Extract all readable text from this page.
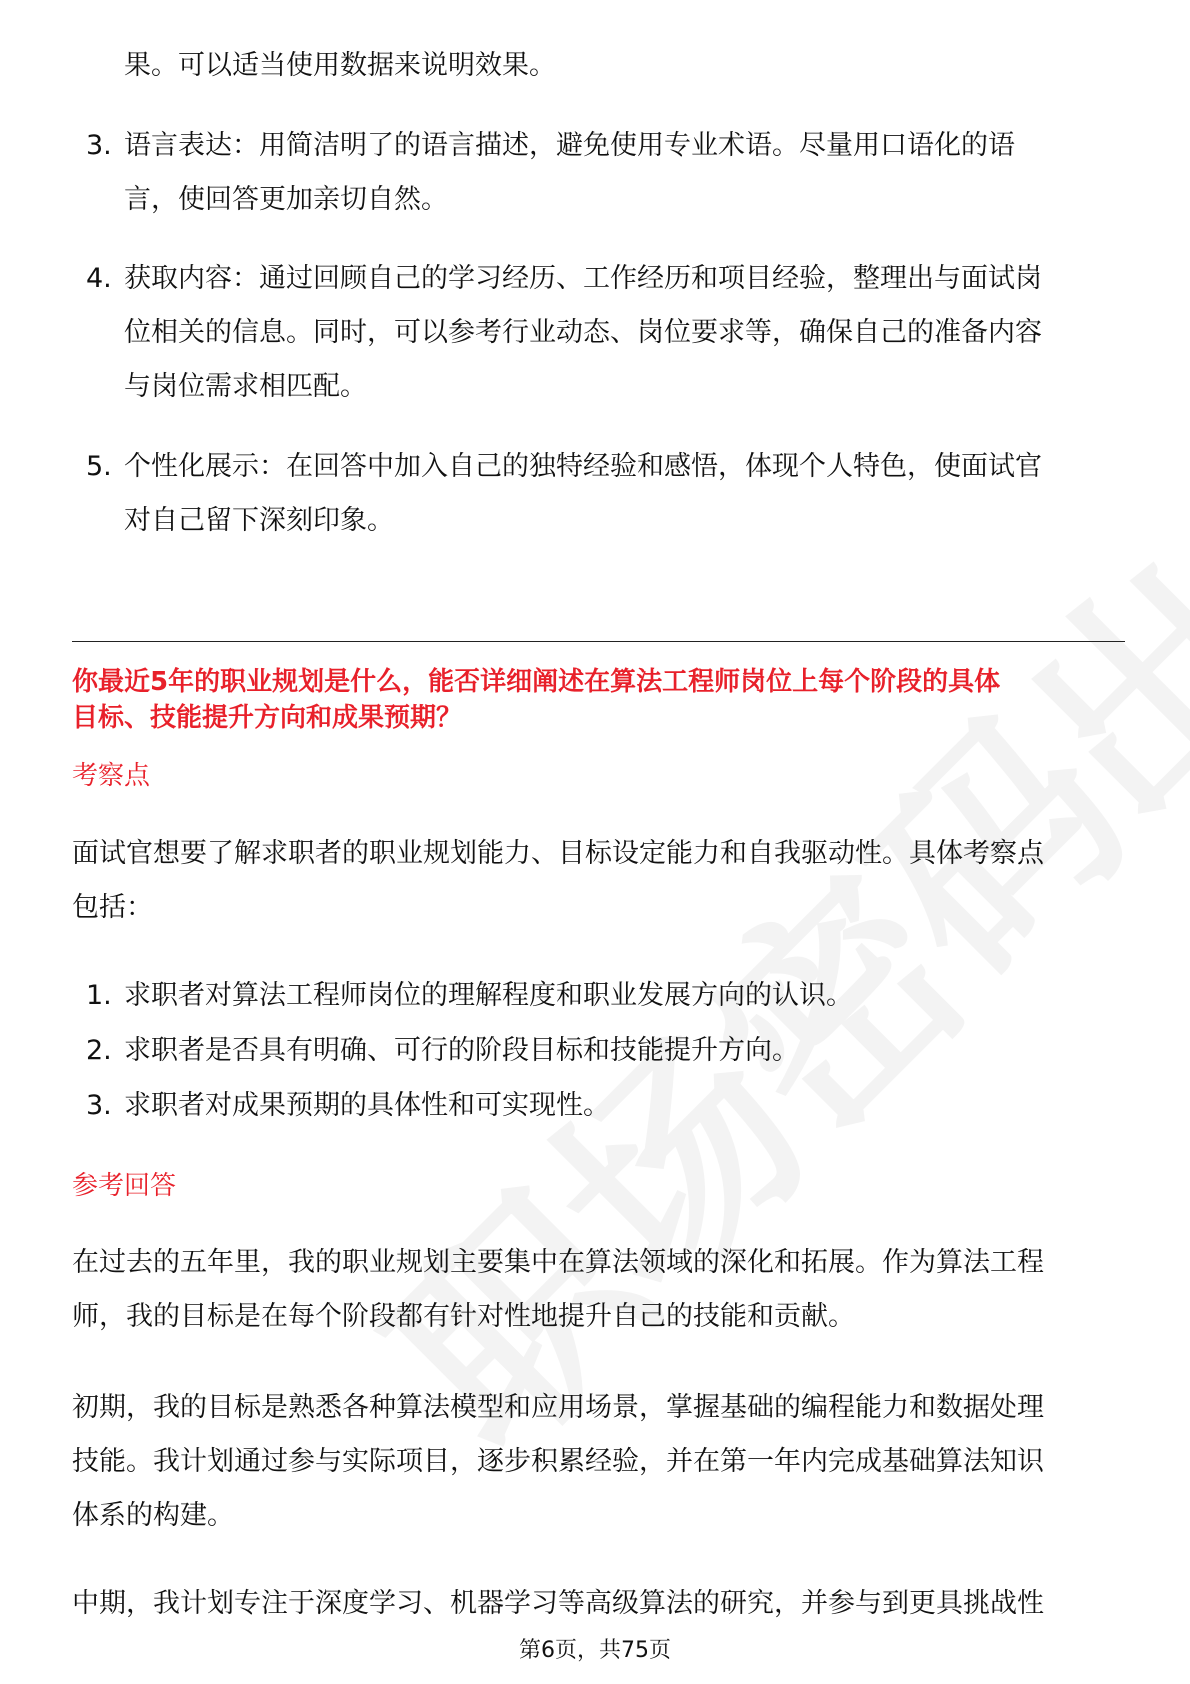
果。可以适当使用数据来说明效果。

3. 语言表达：用简洁明了的语言描述，避免使用专业术语。尽量用口语化的语

言，使回答更加亲切自然。

4. 获取内容：通过回顾自己的学习经历、工作经历和项目经验，整理出与面试岗

位相关的信息。同时，可以参考行业动态、岗位要求等，确保自己的准备内容

与岗位需求相匹配。

5. 个性化展示：在回答中加入自己的独特经验和感悟，体现个人特色，使面试官

对自己留下深刻印象。

你最近5年的职业规划是什么，能否详细阐述在算法工程师岗位上每个阶段的具体

目标、技能提升方向和成果预期？

考察点

面试官想要了解求职者的职业规划能力、目标设定能力和自我驱动性。具体考察点

包括：

1. 求职者对算法工程师岗位的理解程度和职业发展方向的认识。

2. 求职者是否具有明确、可行的阶段目标和技能提升方向。

3. 求职者对成果预期的具体性和可实现性。

参考回答

在过去的五年里，我的职业规划主要集中在算法领域的深化和拓展。作为算法工程

师，我的目标是在每个阶段都有针对性地提升自己的技能和贡献。

初期，我的目标是熟悉各种算法模型和应用场景，掌握基础的编程能力和数据处理

技能。我计划通过参与实际项目，逐步积累经验，并在第一年内完成基础算法知识

体系的构建。

中期，我计划专注于深度学习、机器学习等高级算法的研究，并参与到更具挑战性

第6页，共75页
